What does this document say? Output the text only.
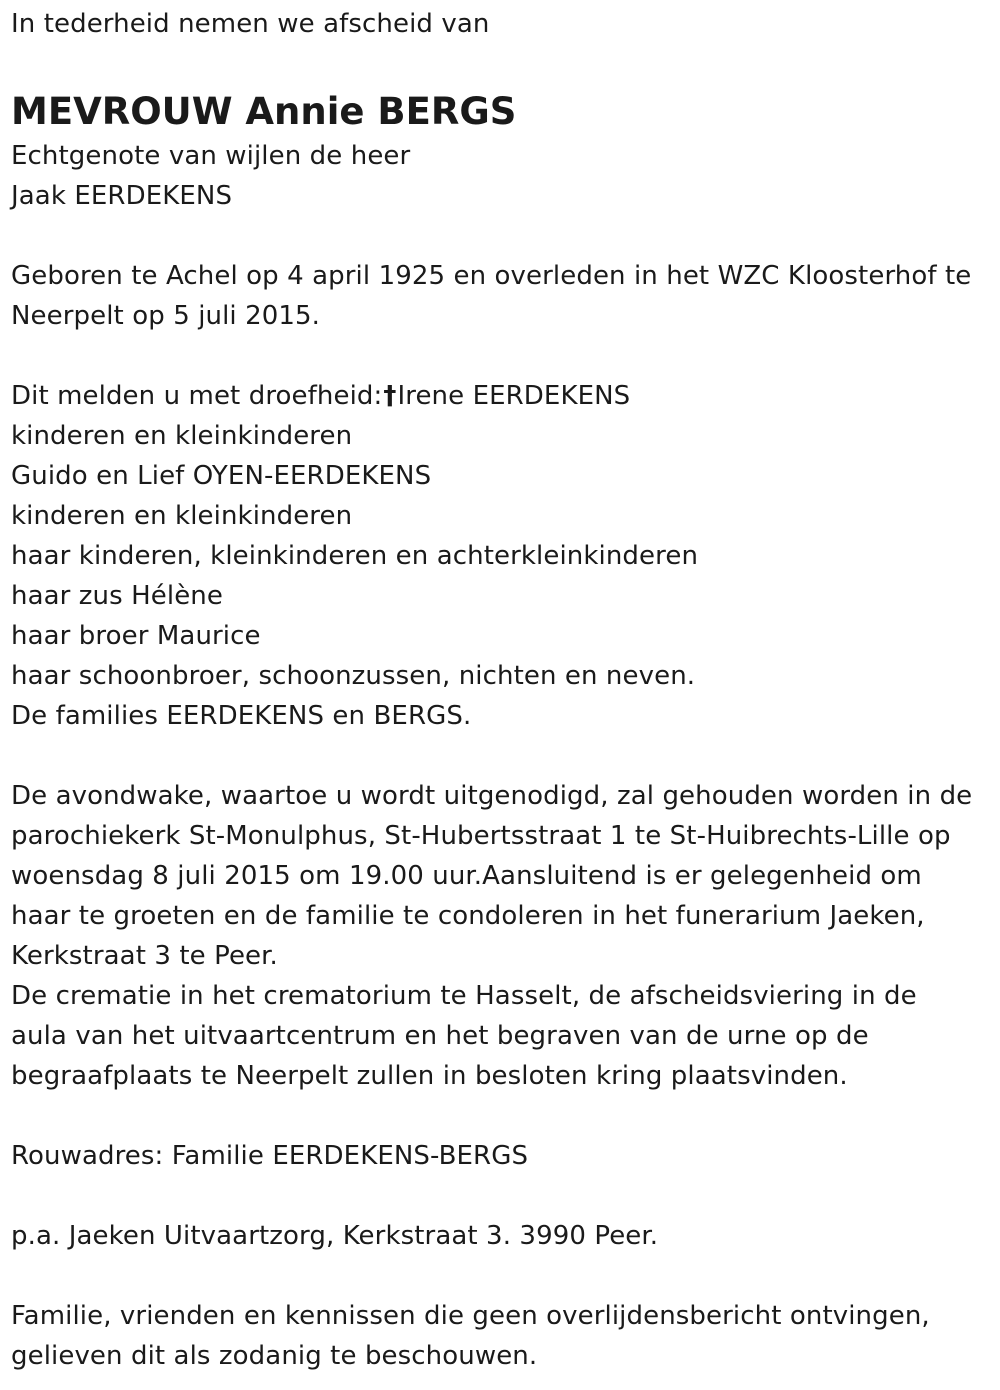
In tederheid nemen we afscheid van
MEVROUW Annie BERGS
Echtgenote van wijlen de heer
Jaak EERDEKENS
Geboren te Achel op 4 april 1925 en overleden in het WZC Kloosterhof te
Neerpelt op 5 juli 2015.
Dit melden u met droefheid:†Irene EERDEKENS
kinderen en kleinkinderen
Guido en Lief OYEN-EERDEKENS
kinderen en kleinkinderen
haar kinderen, kleinkinderen en achterkleinkinderen
haar zus Hélène
haar broer Maurice
haar schoonbroer, schoonzussen, nichten en neven.
De families EERDEKENS en BERGS.
De avondwake, waartoe u wordt uitgenodigd, zal gehouden worden in de
parochiekerk St-Monulphus, St-Hubertsstraat 1 te St-Huibrechts-Lille op
woensdag 8 juli 2015 om 19.00 uur.Aansluitend is er gelegenheid om
haar te groeten en de familie te condoleren in het funerarium Jaeken,
Kerkstraat 3 te Peer.
De crematie in het crematorium te Hasselt, de afscheidsviering in de
aula van het uitvaartcentrum en het begraven van de urne op de
begraafplaats te Neerpelt zullen in besloten kring plaatsvinden.
Rouwadres: Familie EERDEKENS-BERGS
p.a. Jaeken Uitvaartzorg, Kerkstraat 3. 3990 Peer.
Familie, vrienden en kennissen die geen overlijdensbericht ontvingen,
gelieven dit als zodanig te beschouwen.
